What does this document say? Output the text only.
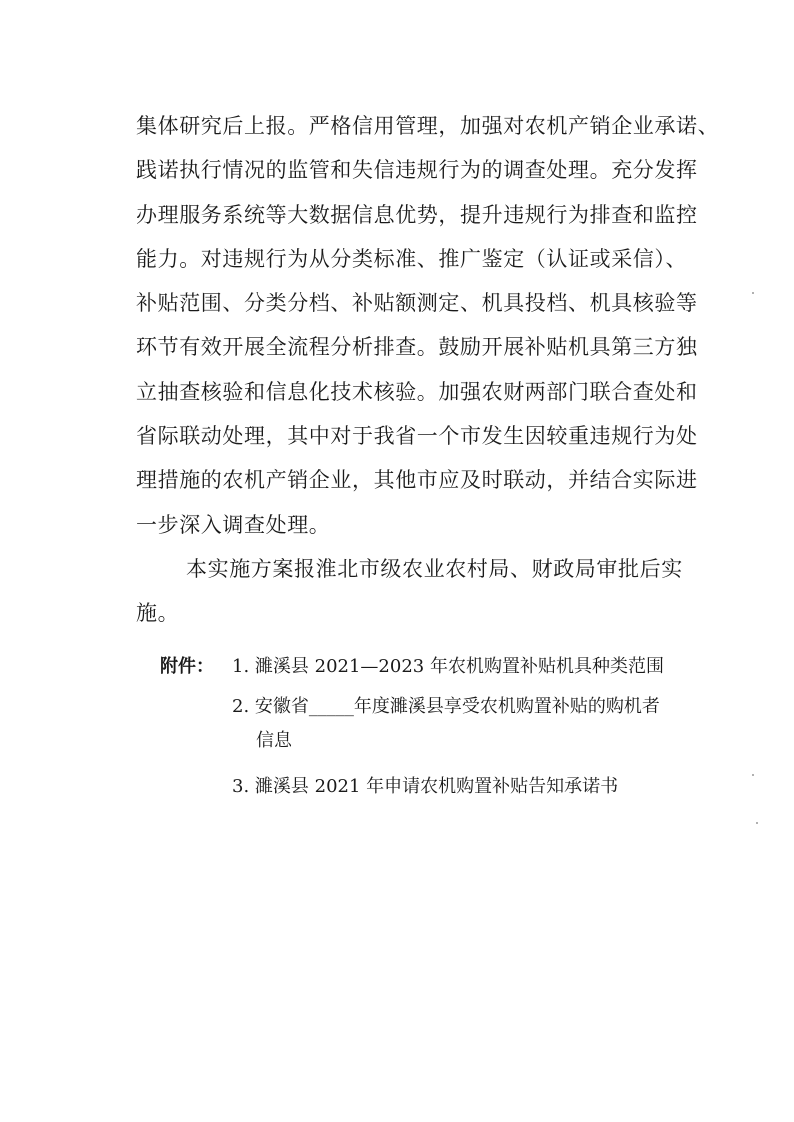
集体研究后上报。严格信用管理，加强对农机产销企业承诺、
践诺执行情况的监管和失信违规行为的调查处理。充分发挥
办理服务系统等大数据信息优势，提升违规行为排查和监控
能力。对违规行为从分类标准、推广鉴定（认证或采信）、
补贴范围、分类分档、补贴额测定、机具投档、机具核验等
环节有效开展全流程分析排查。鼓励开展补贴机具第三方独
立抽查核验和信息化技术核验。加强农财两部门联合查处和
省际联动处理，其中对于我省一个市发生因较重违规行为处
理措施的农机产销企业，其他市应及时联动，并结合实际进
一步深入调查处理。
本实施方案报淮北市级农业农村局、财政局审批后实
施。
附件： 1. 濉溪县 2021—2023 年农机购置补贴机具种类范围
2. 安徽省_____年度濉溪县享受农机购置补贴的购机者
信息
3. 濉溪县 2021 年申请农机购置补贴告知承诺书
